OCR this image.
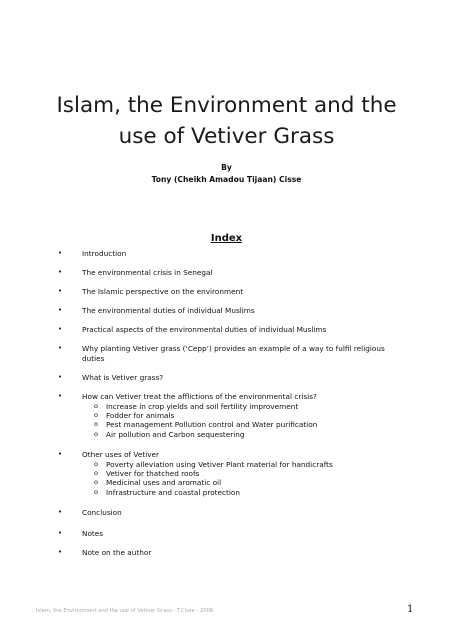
Islam, the Environment and the
use of Vetiver Grass
By
Tony (Cheikh Amadou Tijaan) Cisse
Index
•	Introduction
•	The environmental crisis in Senegal
•	The Islamic perspective on the environment
•	The environmental duties of individual Muslims
•	Practical aspects of the environmental duties of individual Muslims
•	Why planting Vetiver grass (‘Cepp’) provides an example of a way to fulfil religious duties
•	What is Vetiver grass?
•	How can Vetiver treat the afflictions of the environmental crisis?
o Increase in crop yields and soil fertility improvement
o Fodder for animals
o Pest management Pollution control and Water purification
o Air pollution and Carbon sequestering
•	Other uses of Vetiver
o Poverty alleviation using Vetiver Plant material for handicrafts
o Vetiver for thatched roofs
o Medicinal uses and aromatic oil
o Infrastructure and coastal protection
•	Conclusion
•	Notes
•	Note on the author
Islam, the Environment and the use of Vetiver Grass - T.Cisse - 2008	1
